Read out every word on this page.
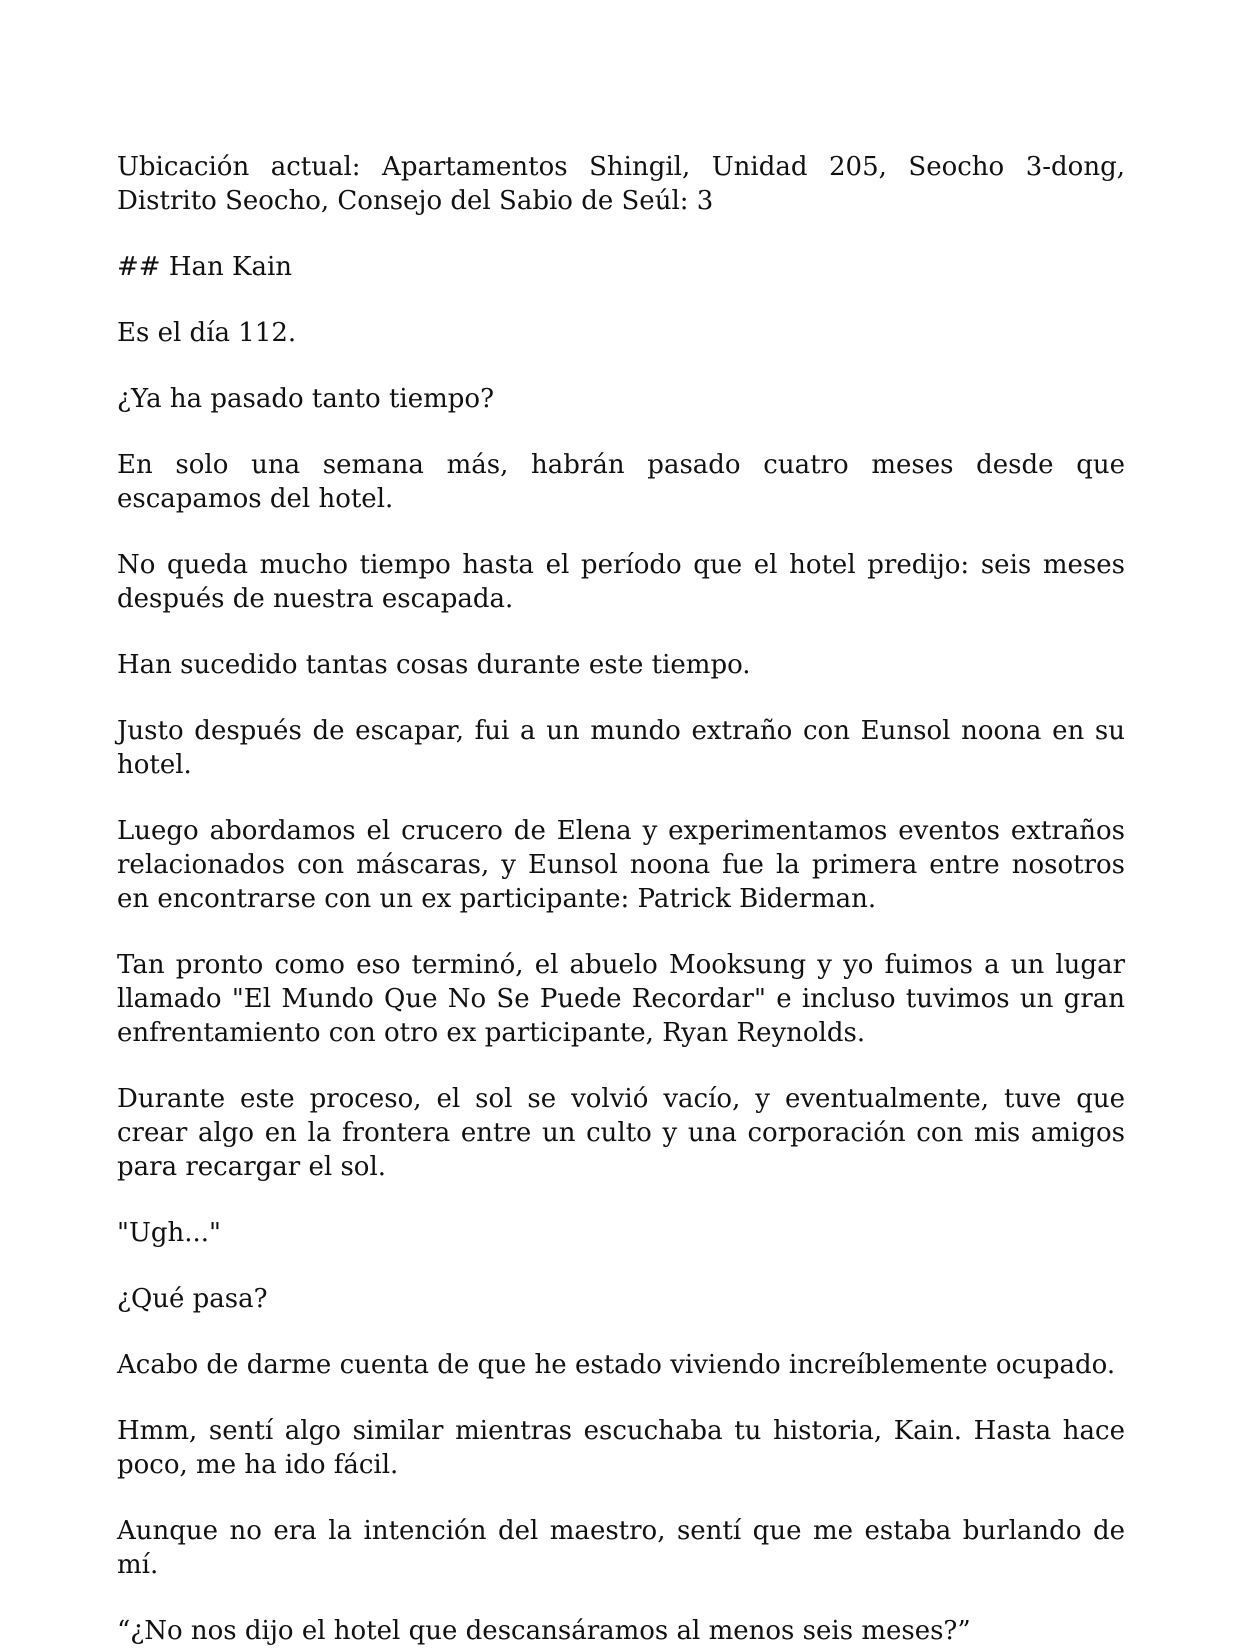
Ubicación actual: Apartamentos Shingil, Unidad 205, Seocho 3-dong, Distrito Seocho, Consejo del Sabio de Seúl: 3

## Han Kain

Es el día 112.

¿Ya ha pasado tanto tiempo?

En solo una semana más, habrán pasado cuatro meses desde que escapamos del hotel.

No queda mucho tiempo hasta el período que el hotel predijo: seis meses después de nuestra escapada.

Han sucedido tantas cosas durante este tiempo.

Justo después de escapar, fui a un mundo extraño con Eunsol noona en su hotel.

Luego abordamos el crucero de Elena y experimentamos eventos extraños relacionados con máscaras, y Eunsol noona fue la primera entre nosotros en encontrarse con un ex participante: Patrick Biderman.

Tan pronto como eso terminó, el abuelo Mooksung y yo fuimos a un lugar llamado "El Mundo Que No Se Puede Recordar" e incluso tuvimos un gran enfrentamiento con otro ex participante, Ryan Reynolds.

Durante este proceso, el sol se volvió vacío, y eventualmente, tuve que crear algo en la frontera entre un culto y una corporación con mis amigos para recargar el sol.

"Ugh..."

¿Qué pasa?

Acabo de darme cuenta de que he estado viviendo increíblemente ocupado.

Hmm, sentí algo similar mientras escuchaba tu historia, Kain. Hasta hace poco, me ha ido fácil.

Aunque no era la intención del maestro, sentí que me estaba burlando de mí.

“¿No nos dijo el hotel que descansáramos al menos seis meses?”
